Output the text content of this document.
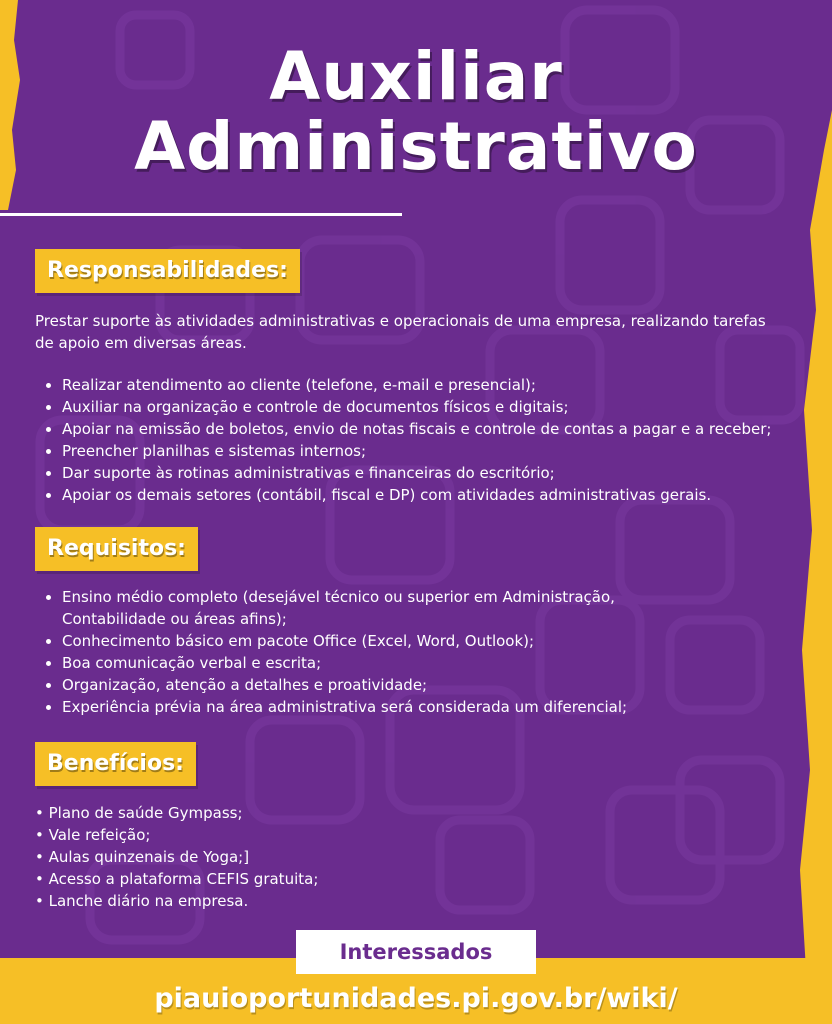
Auxiliar
Administrativo
Responsabilidades:
Prestar suporte às atividades administrativas e operacionais de uma empresa, realizando tarefas de apoio em diversas áreas.
• Realizar atendimento ao cliente (telefone, e-mail e presencial);
• Auxiliar na organização e controle de documentos físicos e digitais;
• Apoiar na emissão de boletos, envio de notas fiscais e controle de contas a pagar e a receber;
• Preencher planilhas e sistemas internos;
• Dar suporte às rotinas administrativas e financeiras do escritório;
• Apoiar os demais setores (contábil, fiscal e DP) com atividades administrativas gerais.
Requisitos:
• Ensino médio completo (desejável técnico ou superior em Administração, Contabilidade ou áreas afins);
• Conhecimento básico em pacote Office (Excel, Word, Outlook);
• Boa comunicação verbal e escrita;
• Organização, atenção a detalhes e proatividade;
• Experiência prévia na área administrativa será considerada um diferencial;
Benefícios:
• Plano de saúde Gympass;
• Vale refeição;
• Aulas quinzenais de Yoga;]
• Acesso a plataforma CEFIS gratuita;
• Lanche diário na empresa.
Interessados
piauioportunidades.pi.gov.br/wiki/
